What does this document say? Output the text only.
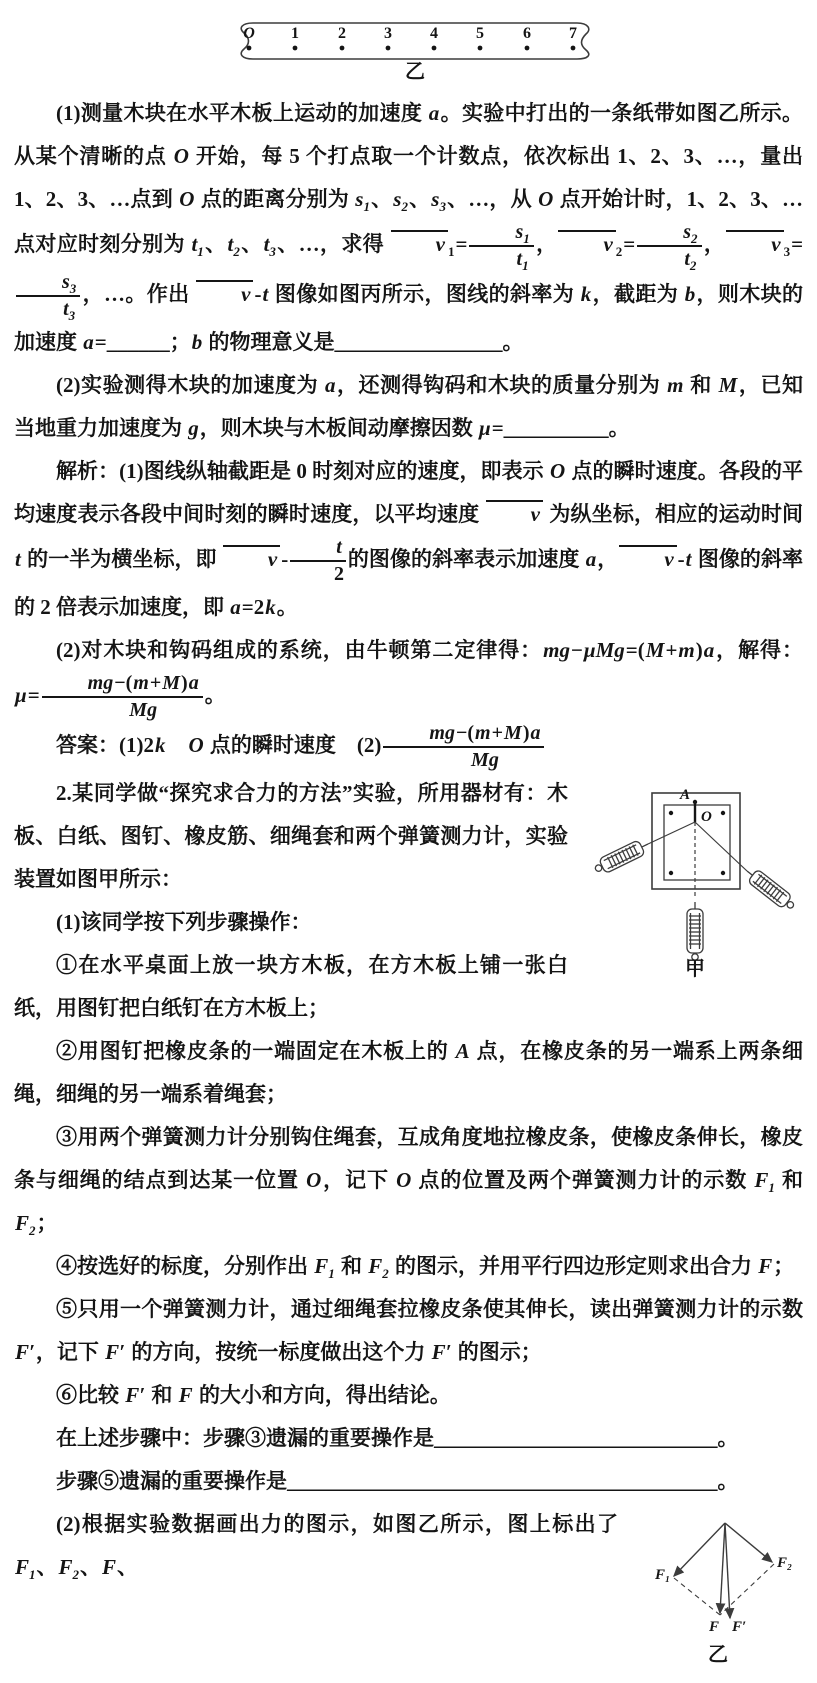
O 1 2 3 4 5 6 7
乙

(1)测量木块在水平木板上运动的加速度 a。实验中打出的一条纸带如图乙所示。从某个清晰的点 O 开始，每 5 个打点取一个计数点，依次标出 1、2、3、…，量出 1、2、3、…点到 O 点的距离分别为 $s_1$、$s_2$、$s_3$、…，从 O 点开始计时，1、2、3、…点对应时刻分别为 $t_1$、$t_2$、$t_3$、…，求得 v $_1= \frac{s_1}{t_1}$ ， v $_2= \frac{s_2}{t_2}$ ， v $_3$=
$\frac{s_3}{t_3}$ ，…。作出 v -t 图像如图丙所示，图线的斜率为 k，截距为 b，则木块的加速度 a=______；b 的物理意义是________________。

(2)实验测得木块的加速度为 a，还测得钩码和木块的质量分别为 m 和 M，已知当地重力加速度为 g，则木块与木板间动摩擦因数 μ=__________。

解析：(1)图线纵轴截距是 0 时刻对应的速度，即表示 O 点的瞬时速度。各段的平均速度表示各段中间时刻的瞬时速度，以平均速度 v 为纵坐标，相应的运动时间 t 的一半为横坐标，即 v - $\frac{t}{2}$ 的图像的斜率表示加速度 a， v -t 图像的斜率的 2 倍表示加速度，即 a=2k。

(2)对木块和钩码组成的系统，由牛顿第二定律得：mg−μMg=(M+m)a，解得：$\mu= \frac{mg-(m+M)a}{Mg}$ 。

答案：(1)2k　 O 点的瞬时速度　$(2) \frac{mg-(m+M)a}{Mg}$

A
O
甲

2.某同学做“探究求合力的方法”实验，所用器材有：木板、白纸、图钉、橡皮筋、细绳套和两个弹簧测力计，实验装置如图甲所示：

(1)该同学按下列步骤操作：

①在水平桌面上放一块方木板，在方木板上铺一张白纸，用图钉把白纸钉在方木板上；

②用图钉把橡皮条的一端固定在木板上的 A 点，在橡皮条的另一端系上两条细绳，细绳的另一端系着绳套；

③用两个弹簧测力计分别钩住绳套，互成角度地拉橡皮条，使橡皮条伸长，橡皮条与细绳的结点到达某一位置 O，记下 O 点的位置及两个弹簧测力计的示数 $F_1$ 和 $F_2$；

④按选好的标度，分别作出 $F_1$ 和 $F_2$ 的图示，并用平行四边形定则求出合力 F；

⑤只用一个弹簧测力计，通过细绳套拉橡皮条使其伸长，读出弹簧测力计的示数 F′，记下 F′ 的方向，按统一标度做出这个力 F′ 的图示；

⑥比较 F′ 和 F 的大小和方向，得出结论。

在上述步骤中：步骤③遗漏的重要操作是___________________________。

步骤⑤遗漏的重要操作是_________________________________________。

F₁
F₂
F F′
乙

(2)根据实验数据画出力的图示，如图乙所示，图上标出了 $F_1$、$F_2$、F、
